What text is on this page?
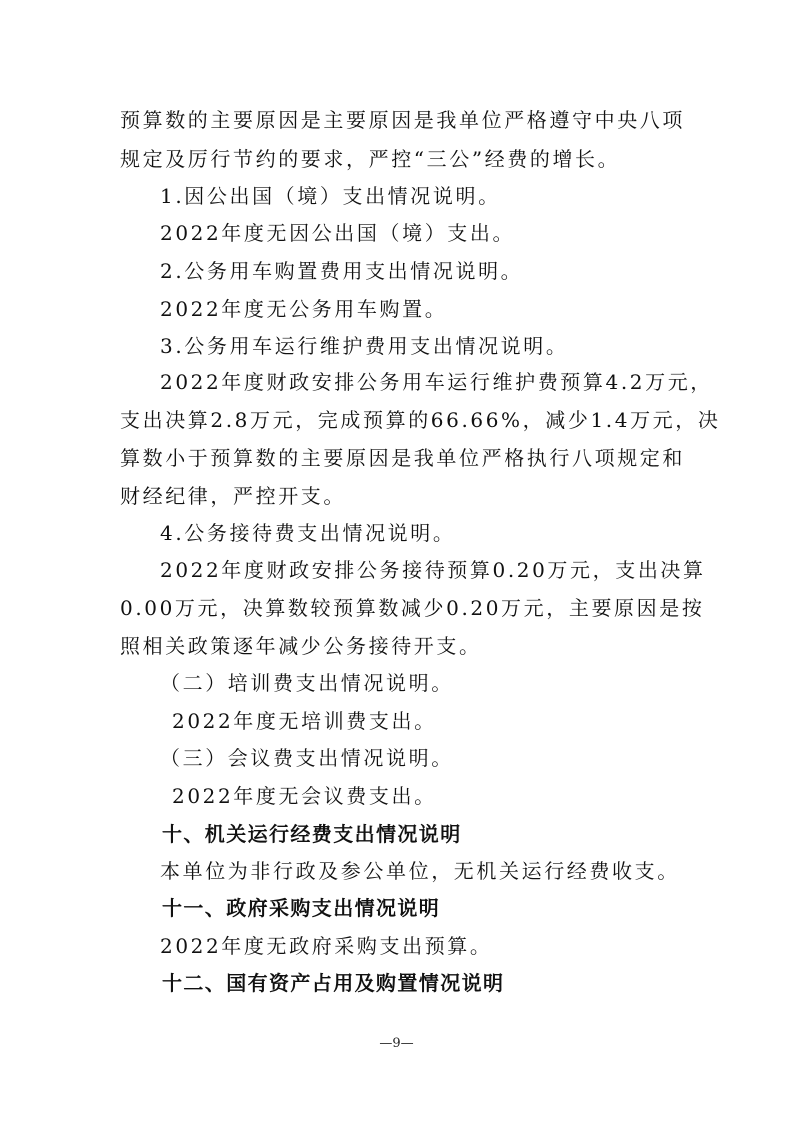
预算数的主要原因是主要原因是我单位严格遵守中央八项
规定及厉行节约的要求，严控“三公”经费的增长。
1.因公出国（境）支出情况说明。
2022年度无因公出国（境）支出。
2.公务用车购置费用支出情况说明。
2022年度无公务用车购置。
3.公务用车运行维护费用支出情况说明。
2022年度财政安排公务用车运行维护费预算4.2万元，
支出决算2.8万元，完成预算的66.66%，减少1.4万元，决
算数小于预算数的主要原因是我单位严格执行八项规定和
财经纪律，严控开支。
4.公务接待费支出情况说明。
2022年度财政安排公务接待预算0.20万元，支出决算
0.00万元，决算数较预算数减少0.20万元，主要原因是按
照相关政策逐年减少公务接待开支。
（二）培训费支出情况说明。
2022年度无培训费支出。
（三）会议费支出情况说明。
2022年度无会议费支出。
十、机关运行经费支出情况说明
本单位为非行政及参公单位，无机关运行经费收支。
十一、政府采购支出情况说明
2022年度无政府采购支出预算。
十二、国有资产占用及购置情况说明
—9—
